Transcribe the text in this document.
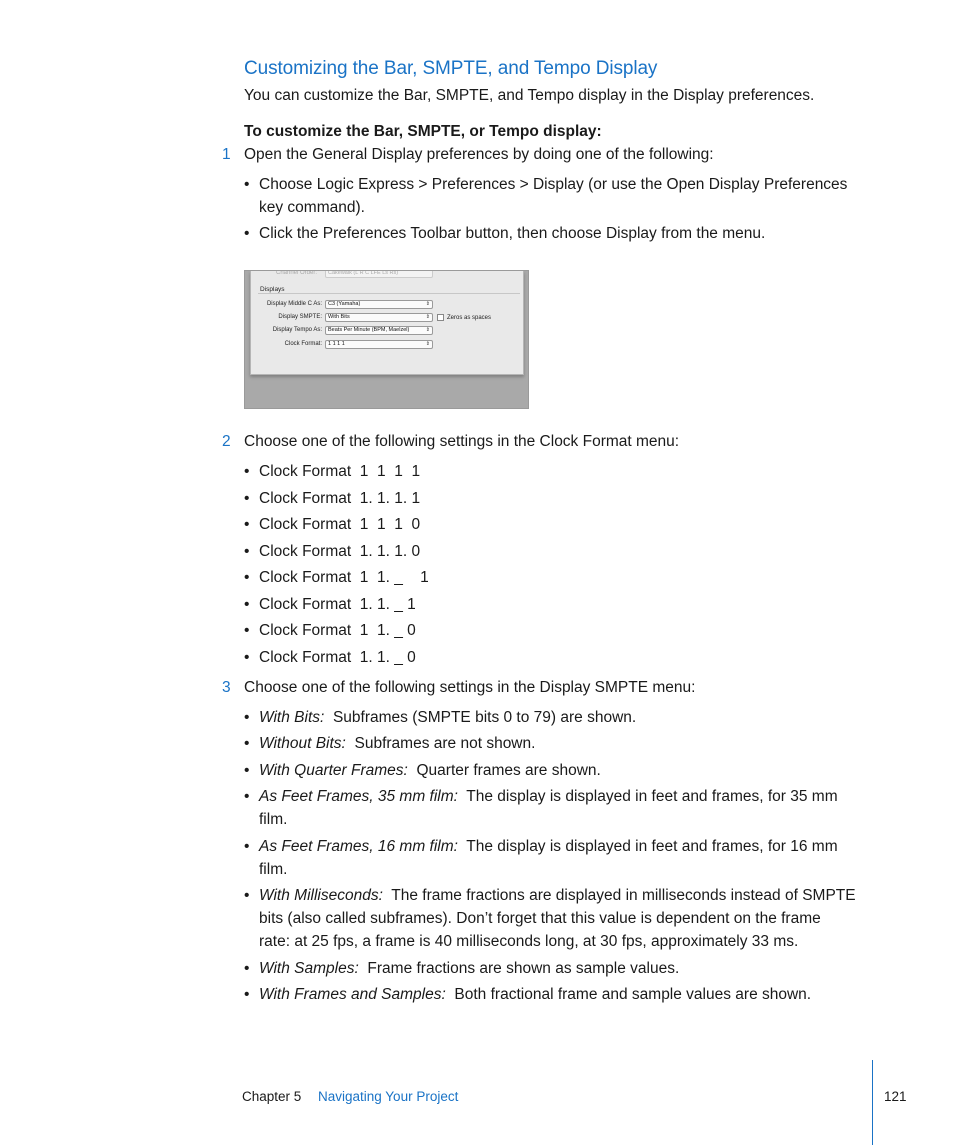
Customizing the Bar, SMPTE, and Tempo Display
You can customize the Bar, SMPTE, and Tempo display in the Display preferences.
To customize the Bar, SMPTE, or Tempo display:
1 Open the General Display preferences by doing one of the following:
• Choose Logic Express > Preferences > Display (or use the Open Display Preferences
key command).
• Click the Preferences Toolbar button, then choose Display from the menu.
Channel Order:	Cakewalk (L R C LFE Ls Rs)
Displays
Display Middle C As:	C3 (Yamaha)	⇕
Display SMPTE:	With Bits	⇕	Zeros as spaces
Display Tempo As:	Beats Per Minute (BPM, Maelzel)	⇕
Clock Format:	1 1 1 1	⇕
2 Choose one of the following settings in the Clock Format menu:
• Clock Format  1  1  1  1
• Clock Format  1. 1. 1. 1
• Clock Format  1  1  1  0
• Clock Format  1. 1. 1. 0
• Clock Format  1  1. _    1
• Clock Format  1. 1. _ 1
• Clock Format  1  1. _ 0
• Clock Format  1. 1. _ 0
3 Choose one of the following settings in the Display SMPTE menu:
• With Bits: Subframes (SMPTE bits 0 to 79) are shown.
• Without Bits: Subframes are not shown.
• With Quarter Frames: Quarter frames are shown.
• As Feet Frames, 35 mm film: The display is displayed in feet and frames, for 35 mm
film.
• As Feet Frames, 16 mm film: The display is displayed in feet and frames, for 16 mm
film.
• With Milliseconds: The frame fractions are displayed in milliseconds instead of SMPTE
bits (also called subframes). Don’t forget that this value is dependent on the frame
rate: at 25 fps, a frame is 40 milliseconds long, at 30 fps, approximately 33 ms.
• With Samples: Frame fractions are shown as sample values.
• With Frames and Samples: Both fractional frame and sample values are shown.
Chapter 5 Navigating Your Project	121
